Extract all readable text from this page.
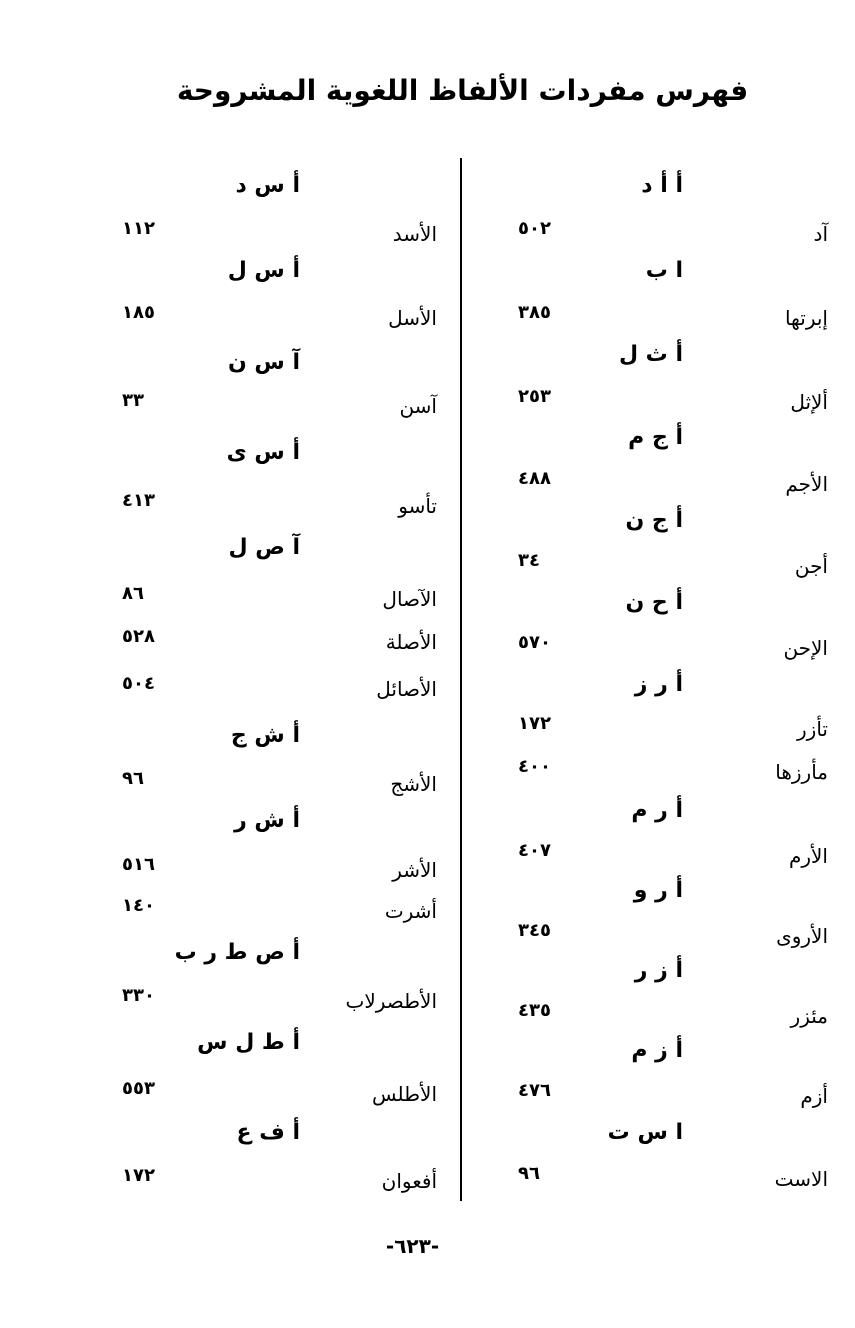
فهرس مفردات الألفاظ اللغوية المشروحة
أ أ د
آد
٥٠٢
ا ب
إبرتها
٣٨٥
أ ث ل
ألإثل
٢٥٣
أ ج م
الأجم
٤٨٨
أ ج ن
أجن
٣٤
أ ح ن
الإحن
٥٧٠
أ ر ز
تأزر
١٧٢
مأرزها
٤٠٠
أ ر م
الأرم
٤٠٧
أ ر و
الأروى
٣٤٥
أ ز ر
مئزر
٤٣٥
أ ز م
أزم
٤٧٦
ا س ت
الاست
٩٦
أ س د
الأسد
١١٢
أ س ل
الأسل
١٨٥
آ س ن
آسن
٣٣
أ س ى
تأسو
٤١٣
آ ص ل
الآصال
٨٦
الأصلة
٥٢٨
الأصائل
٥٠٤
أ ش ج
الأشج
٩٦
أ ش ر
الأشر
٥١٦
أشرت
١٤٠
أ ص ط ر ب
الأطصرلاب
٣٣٠
أ ط ل س
الأطلس
٥٥٣
أ ف ع
أفعوان
١٧٢
-٦٢٣-
